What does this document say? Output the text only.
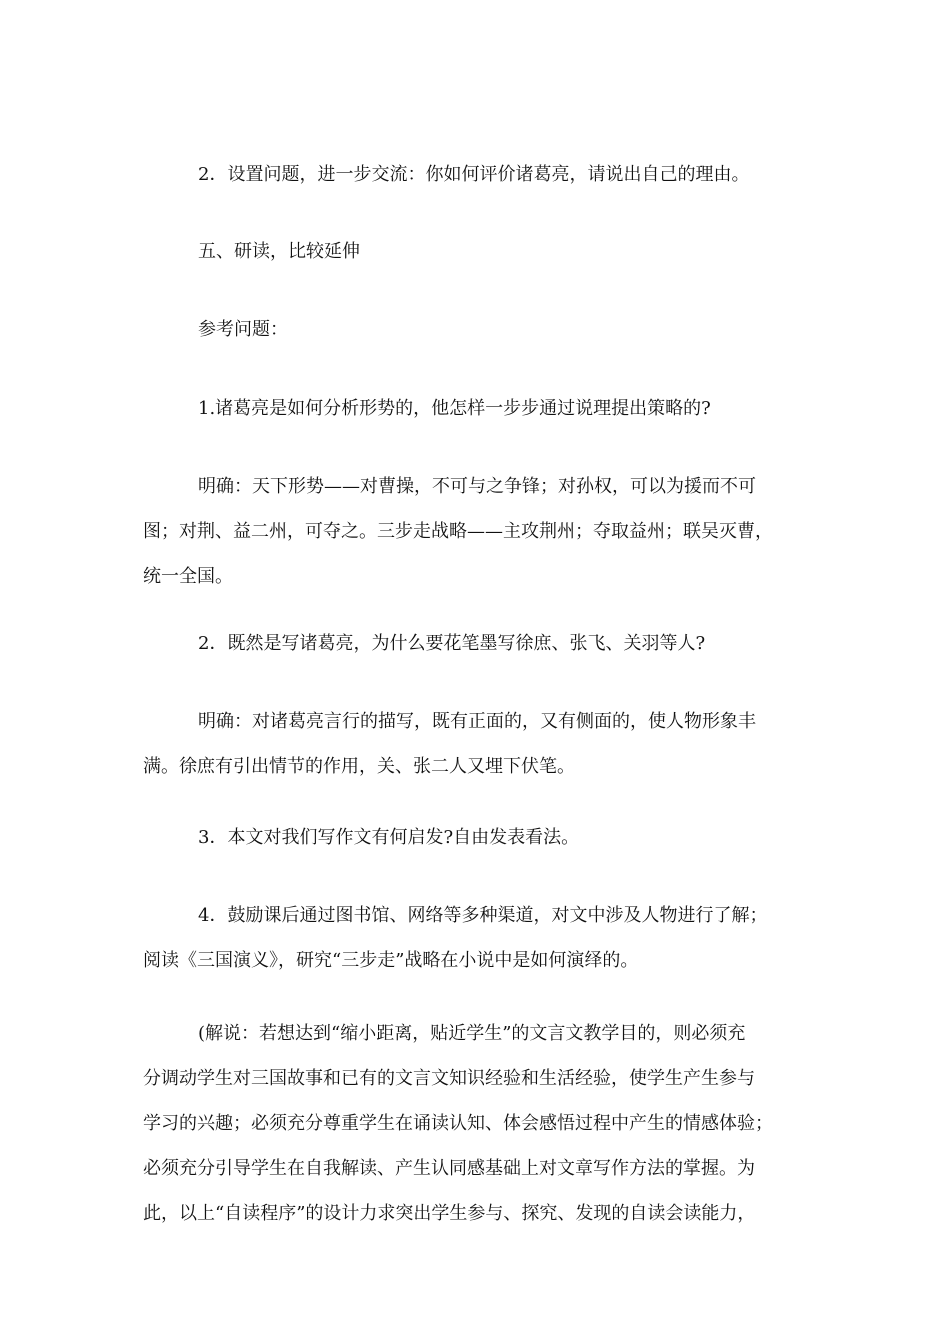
2．设置问题，进一步交流：你如何评价诸葛亮，请说出自己的理由。
五、研读，比较延伸
参考问题：
1.诸葛亮是如何分析形势的，他怎样一步步通过说理提出策略的?
明确：天下形势——对曹操，不可与之争锋；对孙权，可以为援而不可
图；对荆、益二州，可夺之。三步走战略——主攻荆州；夺取益州；联吴灭曹，
统一全国。
2．既然是写诸葛亮，为什么要花笔墨写徐庶、张飞、关羽等人?
明确：对诸葛亮言行的描写，既有正面的，又有侧面的，使人物形象丰
满。徐庶有引出情节的作用，关、张二人又埋下伏笔。
3．本文对我们写作文有何启发?自由发表看法。
4．鼓励课后通过图书馆、网络等多种渠道，对文中涉及人物进行了解；
阅读《三国演义》，研究“三步走”战略在小说中是如何演绎的。
(解说：若想达到“缩小距离，贴近学生”的文言文教学目的，则必须充
分调动学生对三国故事和已有的文言文知识经验和生活经验，使学生产生参与
学习的兴趣；必须充分尊重学生在诵读认知、体会感悟过程中产生的情感体验；
必须充分引导学生在自我解读、产生认同感基础上对文章写作方法的掌握。为
此，以上“自读程序”的设计力求突出学生参与、探究、发现的自读会读能力，
